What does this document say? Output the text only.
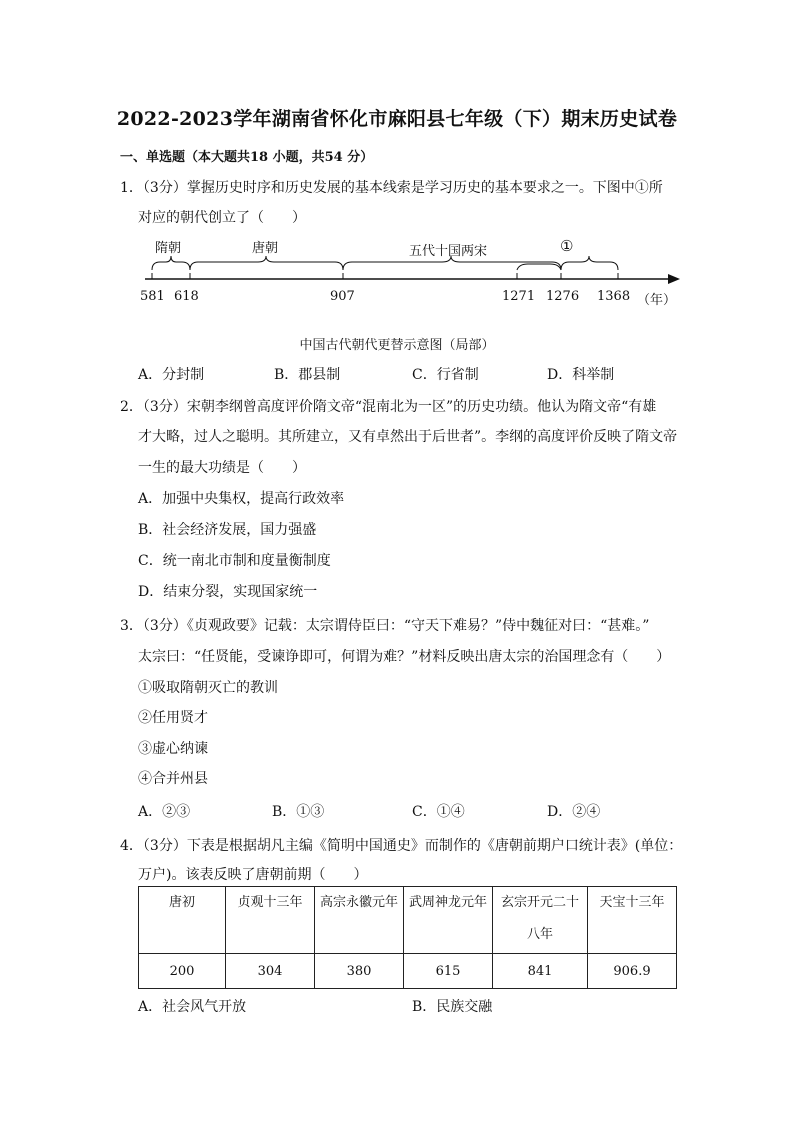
2022-2023学年湖南省怀化市麻阳县七年级（下）期末历史试卷
一、单选题（本大题共18 小题，共54 分）
1．（3分）掌握历史时序和历史发展的基本线索是学习历史的基本要求之一。下图中①所
对应的朝代创立了（　　）
隋朝	唐朝	五代十国两宋	①
581 618	907	1271 1276 1368 （年）
中国古代朝代更替示意图（局部）
A．分封制	B．郡县制	C．行省制	D．科举制
2．（3分）宋朝李纲曾高度评价隋文帝“混南北为一区”的历史功绩。他认为隋文帝“有雄
才大略，过人之聪明。其所建立，又有卓然出于后世者”。李纲的高度评价反映了隋文帝
一生的最大功绩是（　　）
A．加强中央集权，提高行政效率
B．社会经济发展，国力强盛
C．统一南北市制和度量衡制度
D．结束分裂，实现国家统一
3．（3分）《贞观政要》记载：太宗谓侍臣曰：“守天下难易？”侍中魏征对曰：“甚难。”
太宗曰：“任贤能，受谏诤即可，何谓为难？”材料反映出唐太宗的治国理念有（　　）
①吸取隋朝灭亡的教训
②任用贤才
③虚心纳谏
④合并州县
A．②③	B．①③	C．①④	D．②④
4．（3分）下表是根据胡凡主编《简明中国通史》而制作的《唐朝前期户口统计表》(单位：
万户)。该表反映了唐朝前期（　　）
唐初	贞观十三年	高宗永徽元年	武周神龙元年	玄宗开元二十八年	天宝十三年
200	304	380	615	841	906.9
A．社会风气开放	B．民族交融
